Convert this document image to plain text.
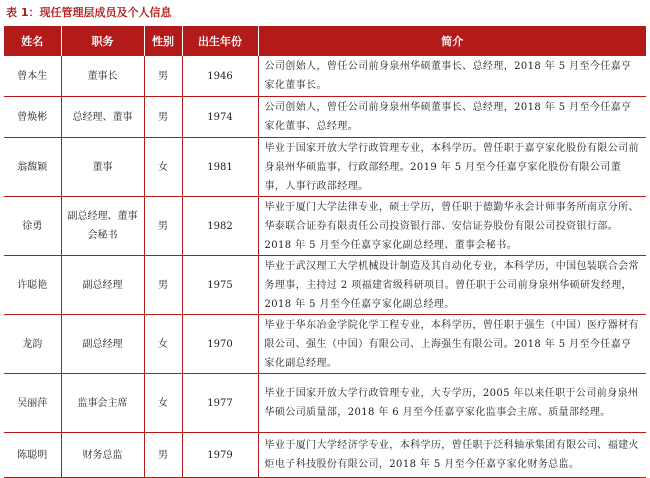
表 1：现任管理层成员及个人信息
姓名	职务	性别	出生年份	简介
曾本生	董事长	男	1946	公司创始人，曾任公司前身泉州华硕董事长、总经理，2018 年 5 月至今任嘉亨家化董事长。
曾焕彬	总经理、董事	男	1974	公司创始人，曾任公司前身泉州华硕董事长、总经理，2018 年 5 月至今任嘉亨家化董事、总经理。
翁馥颖	董事	女	1981	毕业于国家开放大学行政管理专业，本科学历。曾任职于嘉亨家化股份有限公司前身泉州华硕监事，行政部经理。2019 年 5 月至今任嘉亨家化股份有限公司董事，人事行政部经理。
徐勇	副总经理、董事会秘书	男	1982	毕业于厦门大学法律专业，硕士学历，曾任职于德勤华永会计师事务所南京分所、华泰联合证券有限责任公司投资银行部、安信证券股份有限公司投资银行部。2018 年 5 月至今任嘉亨家化副总经理、董事会秘书。
许聪艳	副总经理	男	1975	毕业于武汉理工大学机械设计制造及其自动化专业，本科学历，中国包装联合会常务理事，主持过 2 项福建省级科研项目。曾任职于公司前身泉州华硕研发经理，2018 年 5 月至今任嘉亨家化副总经理。
龙韵	副总经理	女	1970	毕业于华东冶金学院化学工程专业，本科学历，曾任职于强生（中国）医疗器材有限公司、强生（中国）有限公司、上海强生有限公司。2018 年 5 月至今任嘉亨家化副总经理。
吴丽萍	监事会主席	女	1977	毕业于国家开放大学行政管理专业，大专学历，2005 年以来任职于公司前身泉州华硕公司质量部，2018 年 6 月至今任嘉亨家化监事会主席、质量部经理。
陈聪明	财务总监	男	1979	毕业于厦门大学经济学专业，本科学历，曾任职于泛科轴承集团有限公司、福建火炬电子科技股份有限公司，2018 年 5 月至今任嘉亨家化财务总监。
